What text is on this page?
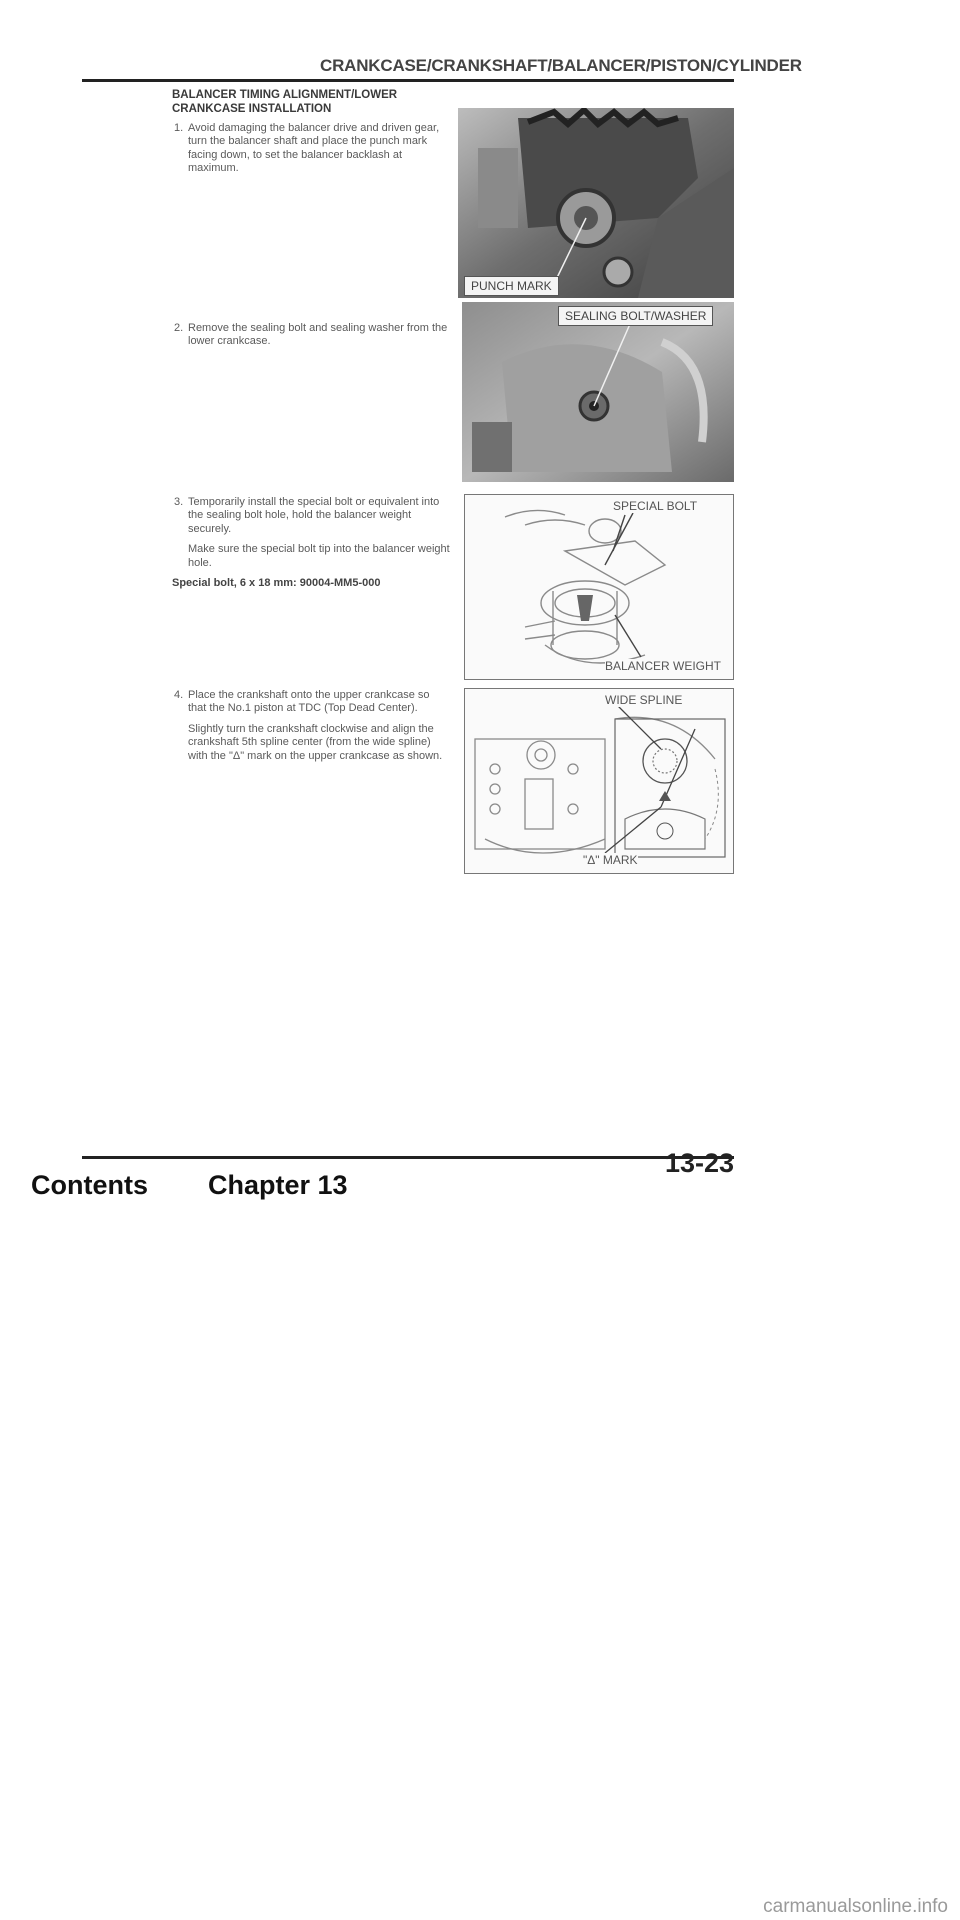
CRANKCASE/CRANKSHAFT/BALANCER/PISTON/CYLINDER
BALANCER TIMING ALIGNMENT/LOWER
CRANKCASE INSTALLATION
1. Avoid damaging the balancer drive and driven gear, turn the balancer shaft and place the punch mark facing down, to set the balancer backlash at maximum.

2. Remove the sealing bolt and sealing washer from the lower crankcase.

3. Temporarily install the special bolt or equivalent into the sealing bolt hole, hold the balancer weight securely.

Make sure the special bolt tip into the balancer weight hole.

Special bolt, 6 x 18 mm: 90004-MM5-000
4. Place the crankshaft onto the upper crankcase so that the No.1 piston at TDC (Top Dead Center).

Slightly turn the crankshaft clockwise and align the crankshaft 5th spline center (from the wide spline) with the "Δ" mark on the upper crankcase as shown.

PUNCH MARK
SEALING BOLT/WASHER
SPECIAL BOLT
BALANCER WEIGHT
WIDE SPLINE
"Δ" MARK
13-23
Contents Chapter 13
carmanualsonline.info
